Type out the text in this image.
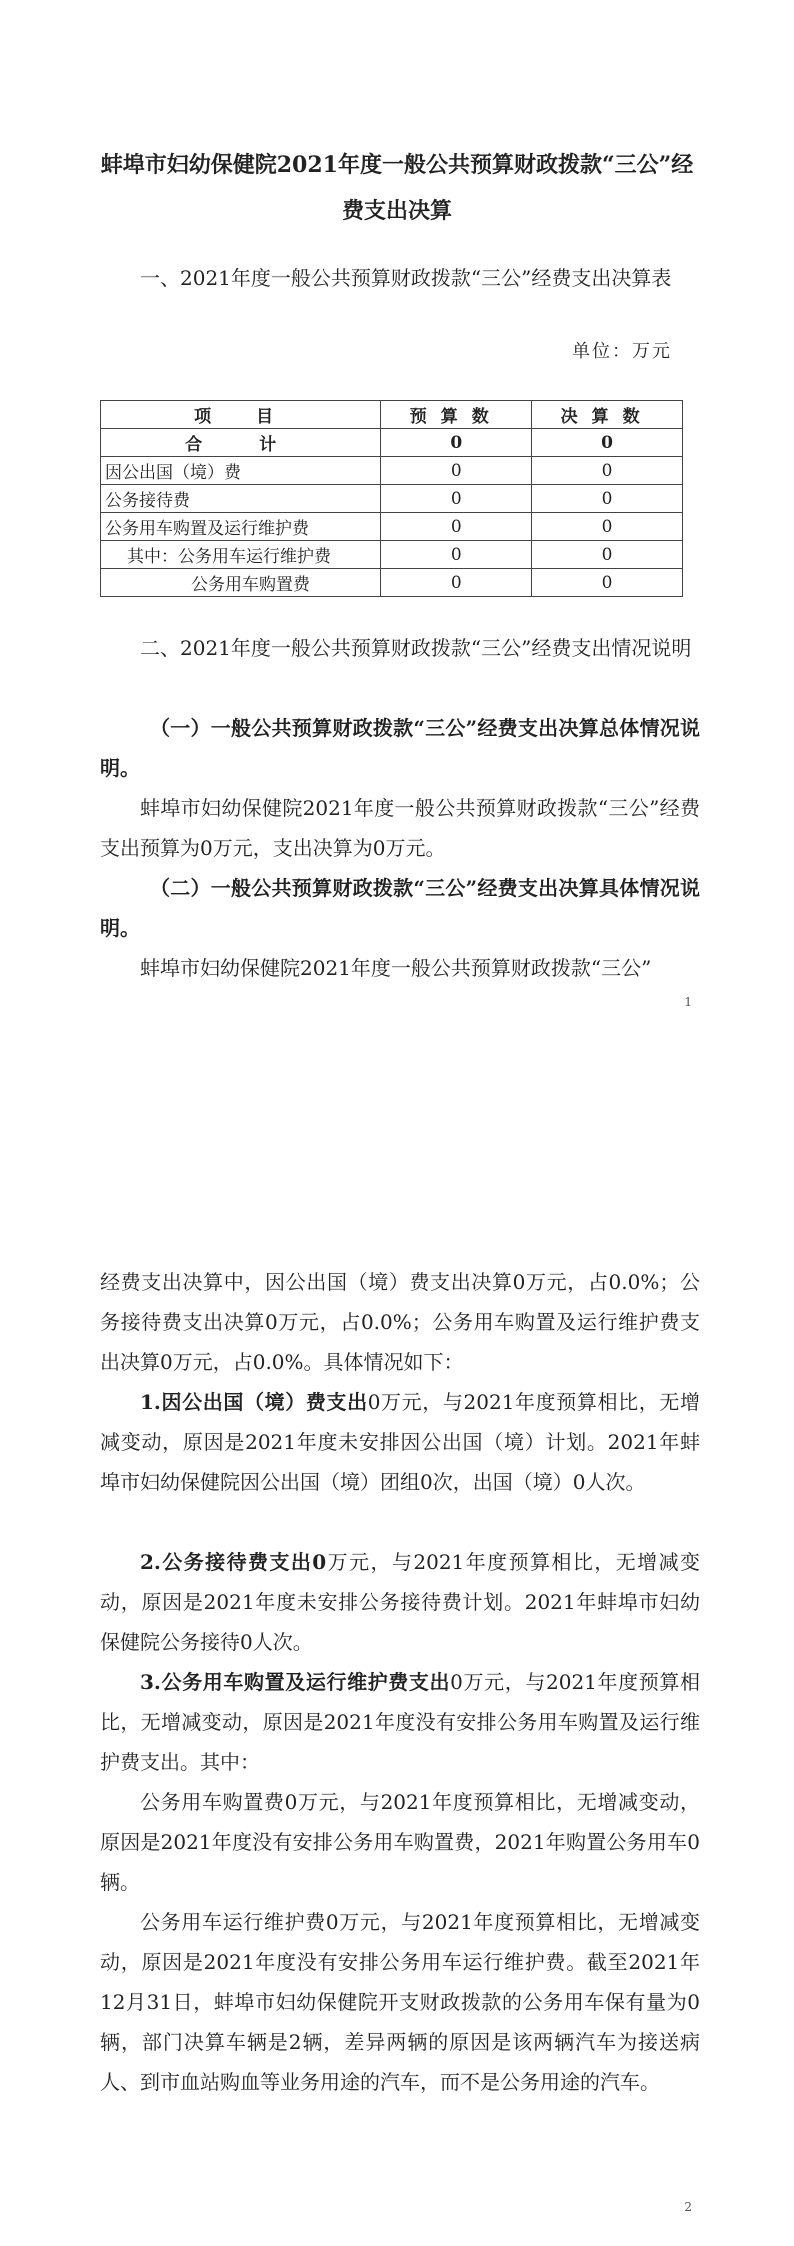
蚌埠市妇幼保健院2021年度一般公共预算财政拨款“三公”经费支出决算
一、2021年度一般公共预算财政拨款“三公”经费支出决算表
单位：万元
项　目	预算数	决算数
合　计	0	0
因公出国（境）费	0	0
公务接待费	0	0
公务用车购置及运行维护费	0	0
其中：公务用车运行维护费	0	0
公务用车购置费	0	0
二、2021年度一般公共预算财政拨款“三公”经费支出情况说明
（一）一般公共预算财政拨款“三公”经费支出决算总体情况说明。
蚌埠市妇幼保健院2021年度一般公共预算财政拨款“三公”经费支出预算为0万元，支出决算为0万元。
（二）一般公共预算财政拨款“三公”经费支出决算具体情况说明。
蚌埠市妇幼保健院2021年度一般公共预算财政拨款“三公”
1
经费支出决算中，因公出国（境）费支出决算0万元，占0.0%；公务接待费支出决算0万元，占0.0%；公务用车购置及运行维护费支出决算0万元，占0.0%。具体情况如下：
1.因公出国（境）费支出0万元，与2021年度预算相比，无增减变动，原因是2021年度未安排因公出国（境）计划。2021年蚌埠市妇幼保健院因公出国（境）团组0次，出国（境）0人次。
2.公务接待费支出0万元，与2021年度预算相比，无增减变动，原因是2021年度未安排公务接待费计划。2021年蚌埠市妇幼保健院公务接待0人次。
3.公务用车购置及运行维护费支出0万元，与2021年度预算相比，无增减变动，原因是2021年度没有安排公务用车购置及运行维护费支出。其中：
公务用车购置费0万元，与2021年度预算相比，无增减变动，原因是2021年度没有安排公务用车购置费，2021年购置公务用车0辆。
公务用车运行维护费0万元，与2021年度预算相比，无增减变动，原因是2021年度没有安排公务用车运行维护费。截至2021年12月31日，蚌埠市妇幼保健院开支财政拨款的公务用车保有量为0辆，部门决算车辆是2辆，差异两辆的原因是该两辆汽车为接送病人、到市血站购血等业务用途的汽车，而不是公务用途的汽车。
2
